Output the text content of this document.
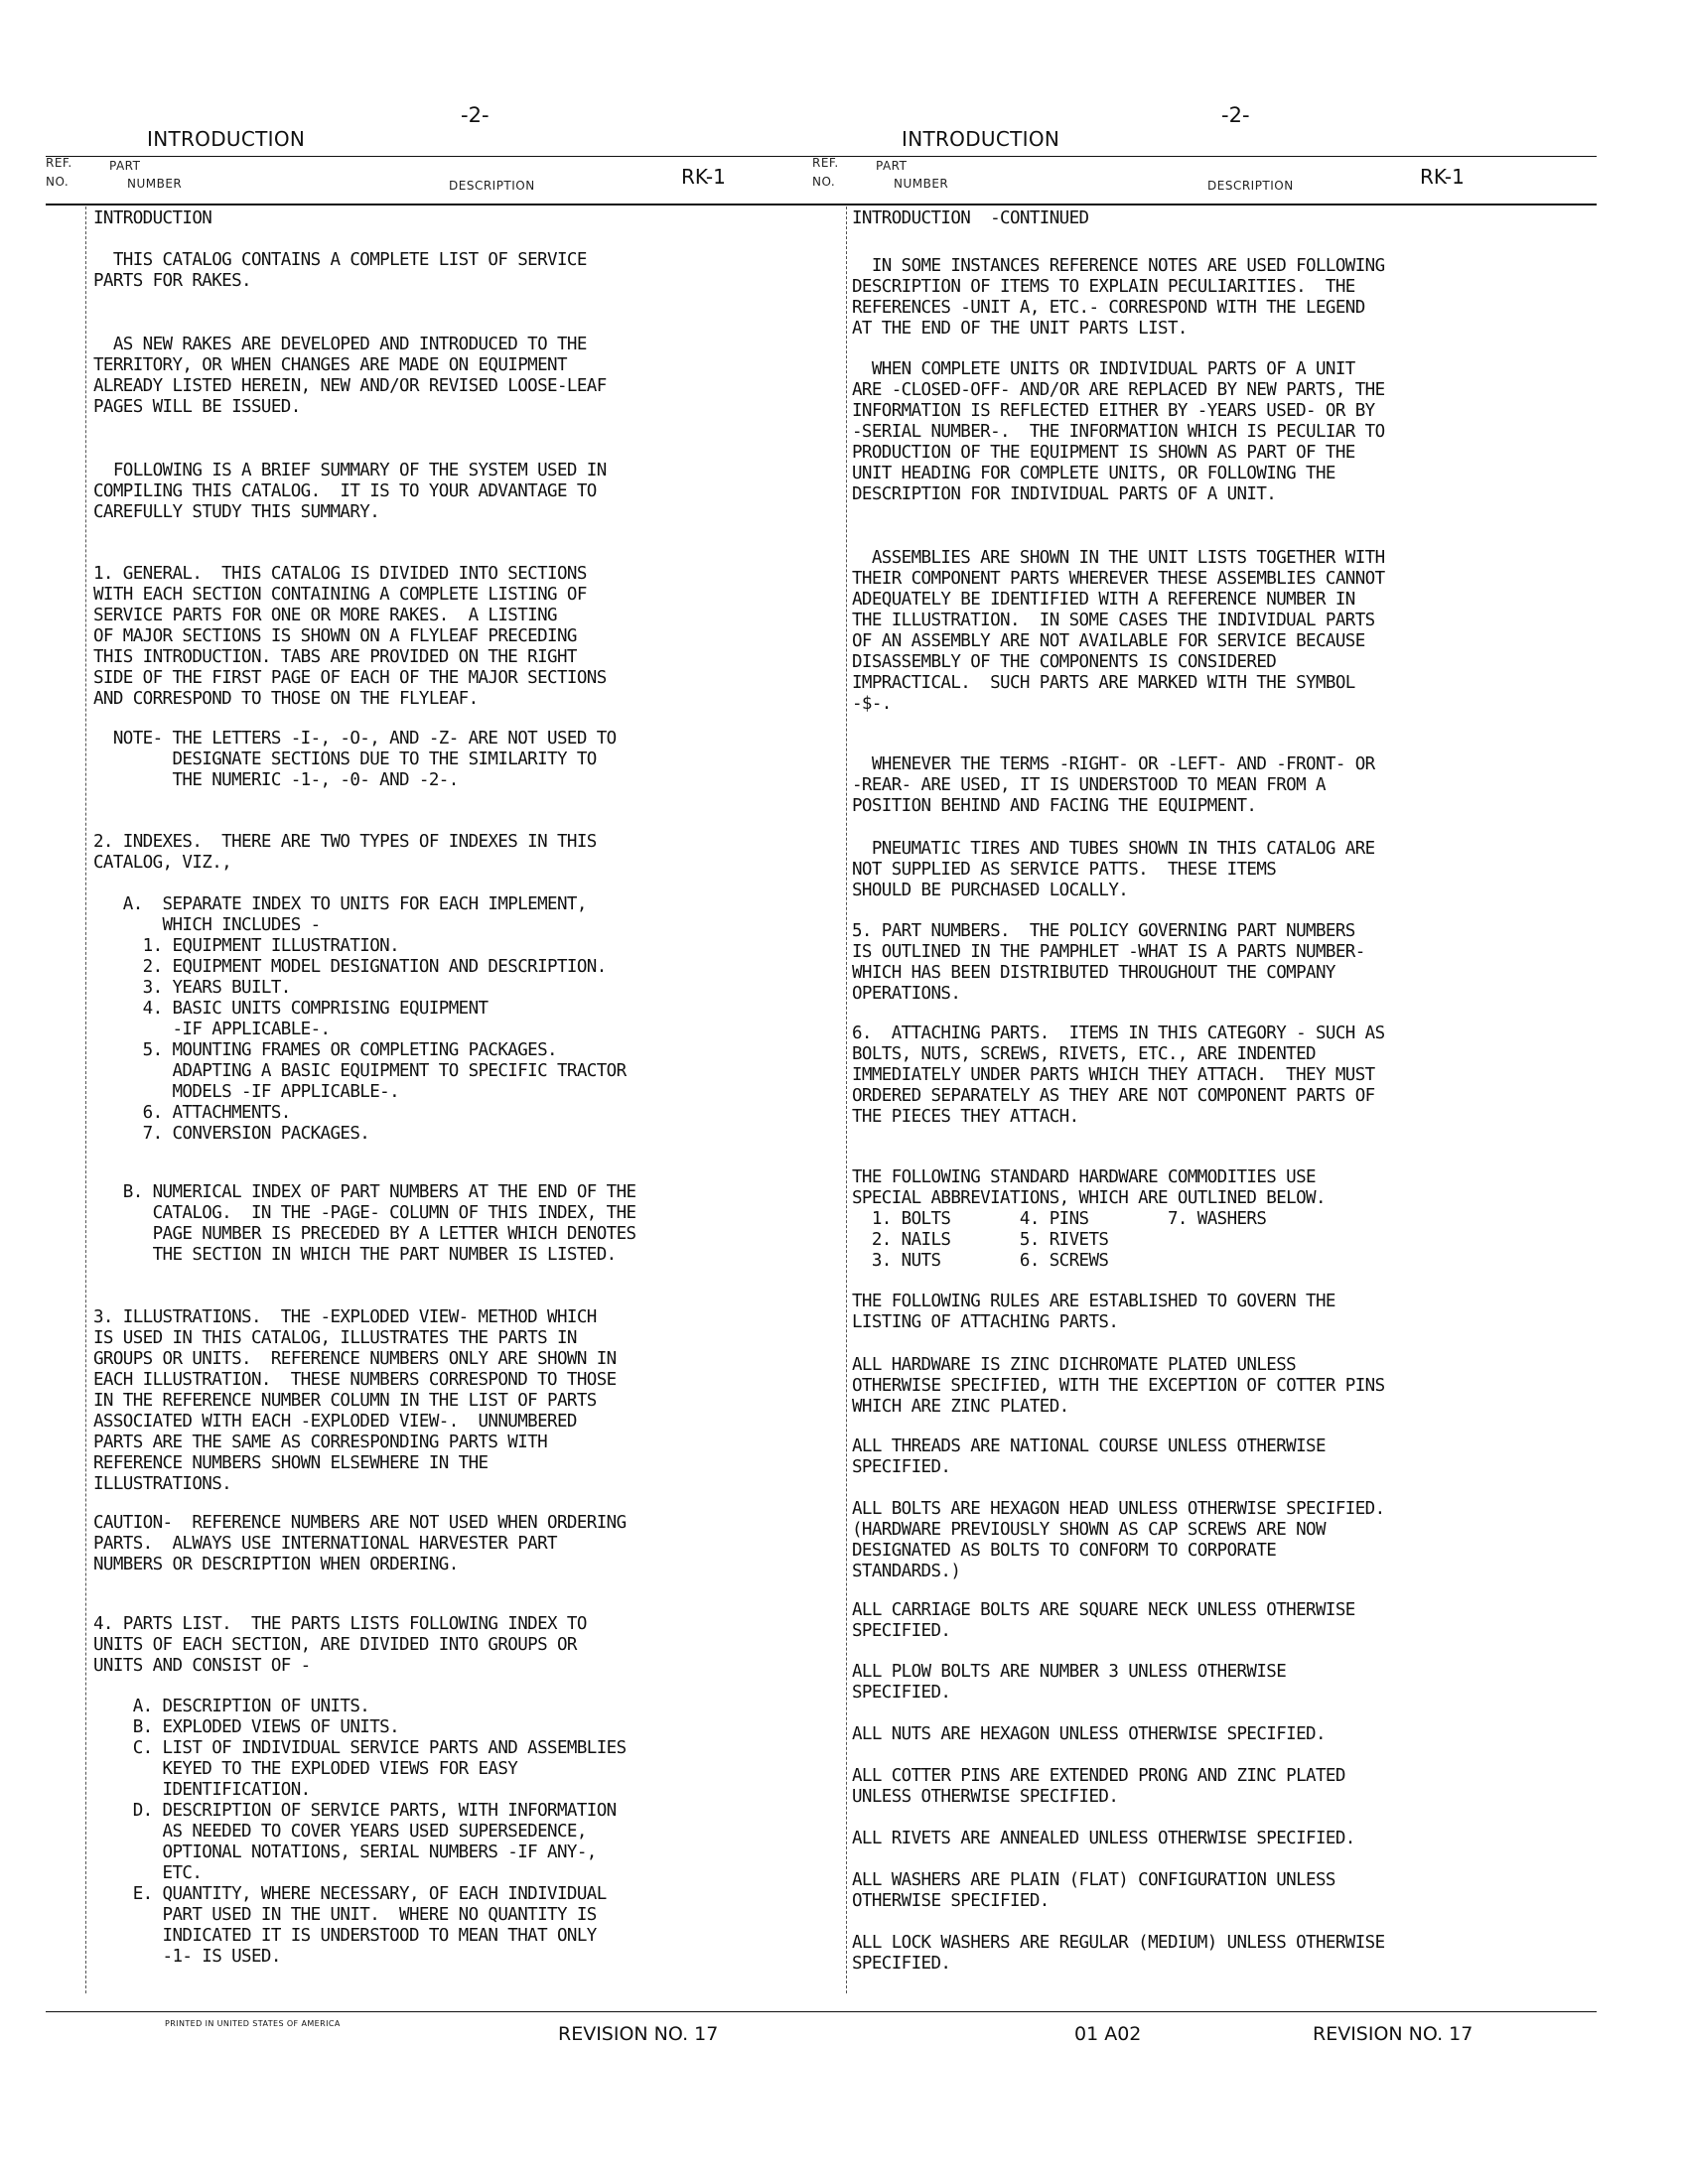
-2-
INTRODUCTION
REF.
NO.
PART
NUMBER	DESCRIPTION	RK-1
INTRODUCTION
THIS CATALOG CONTAINS A COMPLETE LIST OF SERVICE
PARTS FOR RAKES.
AS NEW RAKES ARE DEVELOPED AND INTRODUCED TO THE
TERRITORY, OR WHEN CHANGES ARE MADE ON EQUIPMENT
ALREADY LISTED HEREIN, NEW AND/OR REVISED LOOSE-LEAF
PAGES WILL BE ISSUED.
FOLLOWING IS A BRIEF SUMMARY OF THE SYSTEM USED IN
COMPILING THIS CATALOG.  IT IS TO YOUR ADVANTAGE TO
CAREFULLY STUDY THIS SUMMARY.
1. GENERAL.  THIS CATALOG IS DIVIDED INTO SECTIONS
WITH EACH SECTION CONTAINING A COMPLETE LISTING OF
SERVICE PARTS FOR ONE OR MORE RAKES.  A LISTING
OF MAJOR SECTIONS IS SHOWN ON A FLYLEAF PRECEDING
THIS INTRODUCTION. TABS ARE PROVIDED ON THE RIGHT
SIDE OF THE FIRST PAGE OF EACH OF THE MAJOR SECTIONS
AND CORRESPOND TO THOSE ON THE FLYLEAF.
NOTE- THE LETTERS -I-, -O-, AND -Z- ARE NOT USED TO
DESIGNATE SECTIONS DUE TO THE SIMILARITY TO
THE NUMERIC -1-, -0- AND -2-.
2. INDEXES.  THERE ARE TWO TYPES OF INDEXES IN THIS
CATALOG, VIZ.,
A.  SEPARATE INDEX TO UNITS FOR EACH IMPLEMENT,
WHICH INCLUDES -
1. EQUIPMENT ILLUSTRATION.
2. EQUIPMENT MODEL DESIGNATION AND DESCRIPTION.
3. YEARS BUILT.
4. BASIC UNITS COMPRISING EQUIPMENT
-IF APPLICABLE-.
5. MOUNTING FRAMES OR COMPLETING PACKAGES.
ADAPTING A BASIC EQUIPMENT TO SPECIFIC TRACTOR
MODELS -IF APPLICABLE-.
6. ATTACHMENTS.
7. CONVERSION PACKAGES.
B. NUMERICAL INDEX OF PART NUMBERS AT THE END OF THE
CATALOG.  IN THE -PAGE- COLUMN OF THIS INDEX, THE
PAGE NUMBER IS PRECEDED BY A LETTER WHICH DENOTES
THE SECTION IN WHICH THE PART NUMBER IS LISTED.
3. ILLUSTRATIONS.  THE -EXPLODED VIEW- METHOD WHICH
IS USED IN THIS CATALOG, ILLUSTRATES THE PARTS IN
GROUPS OR UNITS.  REFERENCE NUMBERS ONLY ARE SHOWN IN
EACH ILLUSTRATION.  THESE NUMBERS CORRESPOND TO THOSE
IN THE REFERENCE NUMBER COLUMN IN THE LIST OF PARTS
ASSOCIATED WITH EACH -EXPLODED VIEW-.  UNNUMBERED
PARTS ARE THE SAME AS CORRESPONDING PARTS WITH
REFERENCE NUMBERS SHOWN ELSEWHERE IN THE
ILLUSTRATIONS.
CAUTION-  REFERENCE NUMBERS ARE NOT USED WHEN ORDERING
PARTS.  ALWAYS USE INTERNATIONAL HARVESTER PART
NUMBERS OR DESCRIPTION WHEN ORDERING.
4. PARTS LIST.  THE PARTS LISTS FOLLOWING INDEX TO
UNITS OF EACH SECTION, ARE DIVIDED INTO GROUPS OR
UNITS AND CONSIST OF -
A. DESCRIPTION OF UNITS.
B. EXPLODED VIEWS OF UNITS.
C. LIST OF INDIVIDUAL SERVICE PARTS AND ASSEMBLIES
KEYED TO THE EXPLODED VIEWS FOR EASY
IDENTIFICATION.
D. DESCRIPTION OF SERVICE PARTS, WITH INFORMATION
AS NEEDED TO COVER YEARS USED SUPERSEDENCE,
OPTIONAL NOTATIONS, SERIAL NUMBERS -IF ANY-,
ETC.
E. QUANTITY, WHERE NECESSARY, OF EACH INDIVIDUAL
PART USED IN THE UNIT.  WHERE NO QUANTITY IS
INDICATED IT IS UNDERSTOOD TO MEAN THAT ONLY
-1- IS USED.
PRINTED IN UNITED STATES OF AMERICA	REVISION NO. 17
-2-
INTRODUCTION
REF.
NO.
PART
NUMBER	DESCRIPTION	RK-1
INTRODUCTION  -CONTINUED
IN SOME INSTANCES REFERENCE NOTES ARE USED FOLLOWING
DESCRIPTION OF ITEMS TO EXPLAIN PECULIARITIES.  THE
REFERENCES -UNIT A, ETC.- CORRESPOND WITH THE LEGEND
AT THE END OF THE UNIT PARTS LIST.
WHEN COMPLETE UNITS OR INDIVIDUAL PARTS OF A UNIT
ARE -CLOSED-OFF- AND/OR ARE REPLACED BY NEW PARTS, THE
INFORMATION IS REFLECTED EITHER BY -YEARS USED- OR BY
-SERIAL NUMBER-.  THE INFORMATION WHICH IS PECULIAR TO
PRODUCTION OF THE EQUIPMENT IS SHOWN AS PART OF THE
UNIT HEADING FOR COMPLETE UNITS, OR FOLLOWING THE
DESCRIPTION FOR INDIVIDUAL PARTS OF A UNIT.
ASSEMBLIES ARE SHOWN IN THE UNIT LISTS TOGETHER WITH
THEIR COMPONENT PARTS WHEREVER THESE ASSEMBLIES CANNOT
ADEQUATELY BE IDENTIFIED WITH A REFERENCE NUMBER IN
THE ILLUSTRATION.  IN SOME CASES THE INDIVIDUAL PARTS
OF AN ASSEMBLY ARE NOT AVAILABLE FOR SERVICE BECAUSE
DISASSEMBLY OF THE COMPONENTS IS CONSIDERED
IMPRACTICAL.  SUCH PARTS ARE MARKED WITH THE SYMBOL
-$-.
WHENEVER THE TERMS -RIGHT- OR -LEFT- AND -FRONT- OR
-REAR- ARE USED, IT IS UNDERSTOOD TO MEAN FROM A
POSITION BEHIND AND FACING THE EQUIPMENT.
PNEUMATIC TIRES AND TUBES SHOWN IN THIS CATALOG ARE
NOT SUPPLIED AS SERVICE PATTS.  THESE ITEMS
SHOULD BE PURCHASED LOCALLY.
5. PART NUMBERS.  THE POLICY GOVERNING PART NUMBERS
IS OUTLINED IN THE PAMPHLET -WHAT IS A PARTS NUMBER-
WHICH HAS BEEN DISTRIBUTED THROUGHOUT THE COMPANY
OPERATIONS.
6.  ATTACHING PARTS.  ITEMS IN THIS CATEGORY - SUCH AS
BOLTS, NUTS, SCREWS, RIVETS, ETC., ARE INDENTED
IMMEDIATELY UNDER PARTS WHICH THEY ATTACH.  THEY MUST
ORDERED SEPARATELY AS THEY ARE NOT COMPONENT PARTS OF
THE PIECES THEY ATTACH.
THE FOLLOWING STANDARD HARDWARE COMMODITIES USE
SPECIAL ABBREVIATIONS, WHICH ARE OUTLINED BELOW.
1. BOLTS       4. PINS        7. WASHERS
2. NAILS       5. RIVETS
3. NUTS        6. SCREWS
THE FOLLOWING RULES ARE ESTABLISHED TO GOVERN THE
LISTING OF ATTACHING PARTS.
ALL HARDWARE IS ZINC DICHROMATE PLATED UNLESS
OTHERWISE SPECIFIED, WITH THE EXCEPTION OF COTTER PINS
WHICH ARE ZINC PLATED.
ALL THREADS ARE NATIONAL COURSE UNLESS OTHERWISE
SPECIFIED.
ALL BOLTS ARE HEXAGON HEAD UNLESS OTHERWISE SPECIFIED.
(HARDWARE PREVIOUSLY SHOWN AS CAP SCREWS ARE NOW
DESIGNATED AS BOLTS TO CONFORM TO CORPORATE
STANDARDS.)
ALL CARRIAGE BOLTS ARE SQUARE NECK UNLESS OTHERWISE
SPECIFIED.
ALL PLOW BOLTS ARE NUMBER 3 UNLESS OTHERWISE
SPECIFIED.
ALL NUTS ARE HEXAGON UNLESS OTHERWISE SPECIFIED.
ALL COTTER PINS ARE EXTENDED PRONG AND ZINC PLATED
UNLESS OTHERWISE SPECIFIED.
ALL RIVETS ARE ANNEALED UNLESS OTHERWISE SPECIFIED.
ALL WASHERS ARE PLAIN (FLAT) CONFIGURATION UNLESS
OTHERWISE SPECIFIED.
ALL LOCK WASHERS ARE REGULAR (MEDIUM) UNLESS OTHERWISE
SPECIFIED.
01 A02	REVISION NO. 17
